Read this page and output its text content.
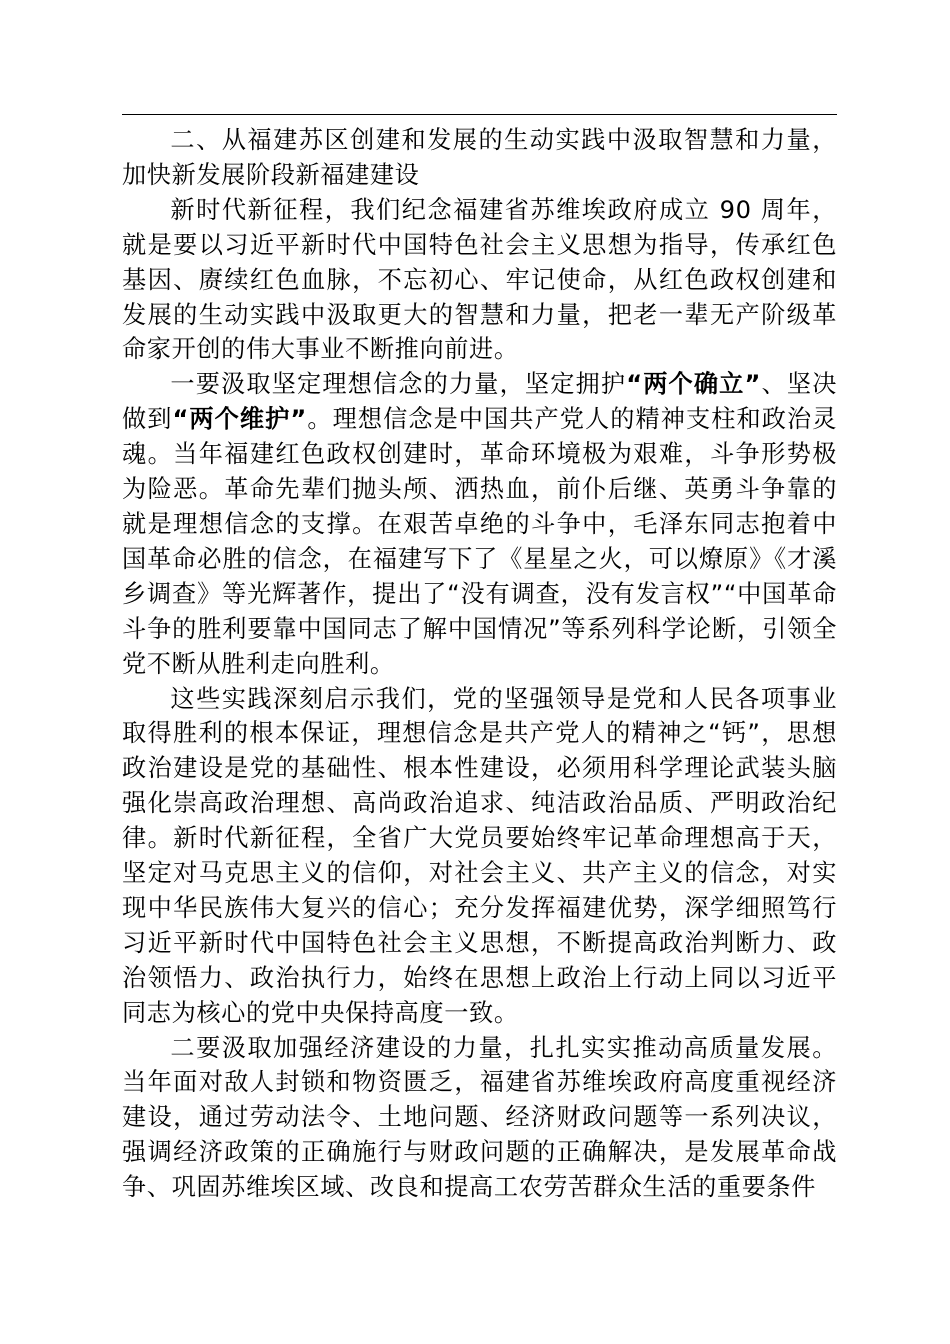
二、从福建苏区创建和发展的生动实践中汲取智慧和力量，加快新发展阶段新福建建设

新时代新征程，我们纪念福建省苏维埃政府成立 90 周年，就是要以习近平新时代中国特色社会主义思想为指导，传承红色基因、赓续红色血脉，不忘初心、牢记使命，从红色政权创建和发展的生动实践中汲取更大的智慧和力量，把老一辈无产阶级革命家开创的伟大事业不断推向前进。

一要汲取坚定理想信念的力量，坚定拥护“两个确立”、坚决做到“两个维护”。理想信念是中国共产党人的精神支柱和政治灵魂。当年福建红色政权创建时，革命环境极为艰难，斗争形势极为险恶。革命先辈们抛头颅、洒热血，前仆后继、英勇斗争靠的就是理想信念的支撑。在艰苦卓绝的斗争中，毛泽东同志抱着中国革命必胜的信念，在福建写下了《星星之火，可以燎原》《才溪乡调查》等光辉著作，提出了“没有调查，没有发言权”“中国革命斗争的胜利要靠中国同志了解中国情况”等系列科学论断，引领全党不断从胜利走向胜利。

这些实践深刻启示我们，党的坚强领导是党和人民各项事业取得胜利的根本保证，理想信念是共产党人的精神之“钙”，思想政治建设是党的基础性、根本性建设，必须用科学理论武装头脑强化崇高政治理想、高尚政治追求、纯洁政治品质、严明政治纪律。新时代新征程，全省广大党员要始终牢记革命理想高于天，坚定对马克思主义的信仰，对社会主义、共产主义的信念，对实现中华民族伟大复兴的信心；充分发挥福建优势，深学细照笃行习近平新时代中国特色社会主义思想，不断提高政治判断力、政治领悟力、政治执行力，始终在思想上政治上行动上同以习近平同志为核心的党中央保持高度一致。

二要汲取加强经济建设的力量，扎扎实实推动高质量发展。当年面对敌人封锁和物资匮乏，福建省苏维埃政府高度重视经济建设，通过劳动法令、土地问题、经济财政问题等一系列决议，强调经济政策的正确施行与财政问题的正确解决，是发展革命战争、巩固苏维埃区域、改良和提高工农劳苦群众生活的重要条件
